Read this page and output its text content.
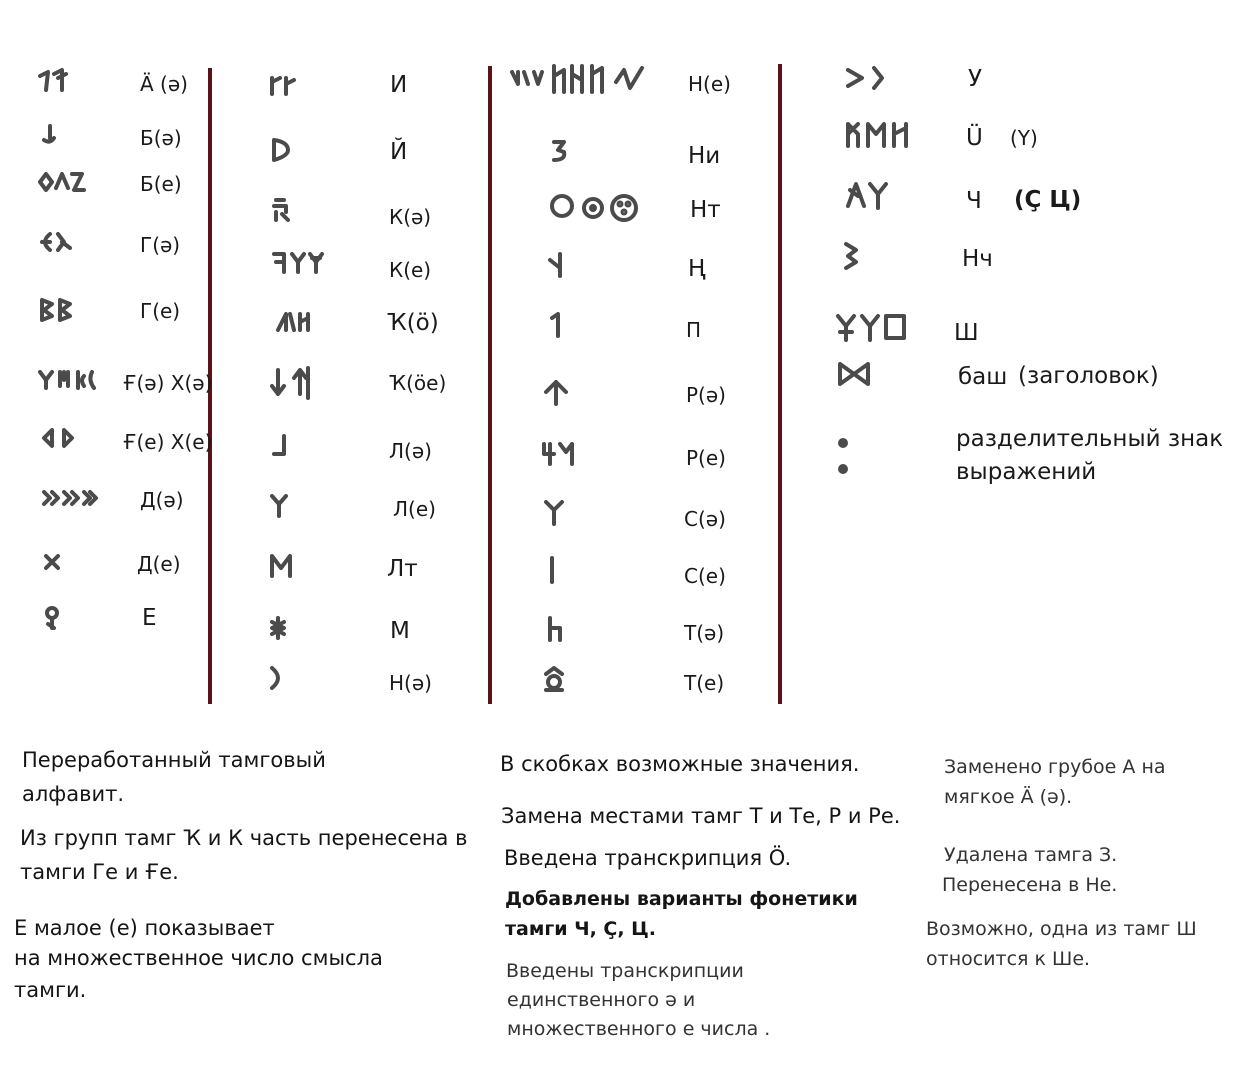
Ä (ə)
Б(ə)
Б(е)
Г(ə)
Г(е)
Ғ(ə) Х(ə)
Ғ(е) Х(е)
Д(ə)
Д(е)
Е
И
Й
К(ə)
К(е)
Ҡ(ö)
Ҡ(öе)
Л(ə)
Л(е)
Лт
М
Н(ə)
Н(е)
Ни
Нт
Ң
П
Р(ə)
Р(е)
С(ə)
С(е)
Т(ə)
Т(е)
У
Ü (Y)
Ч (Ç Ц)
Нч
Ш
баш (заголовок)
разделительный знак
выражений
Переработанный тамговый
алфавит.
Из групп тамг Ҡ и К часть перенесена в
тамги Ге и Ғе.
Е малое (е) показывает
на множественное число смысла
тамги.
В скобках возможные значения.
Замена местами тамг Т и Те, Р и Ре.
Введена транскрипция Ö.
Добавлены варианты фонетики
тамги Ч, Ç, Ц.
Введены транскрипции
единственного ə и
множественного е числа .
Заменено грубое А на
мягкое Ä (ə).
Удалена тамга З.
Перенесена в Не.
Возможно, одна из тамг Ш
относится к Ше.
